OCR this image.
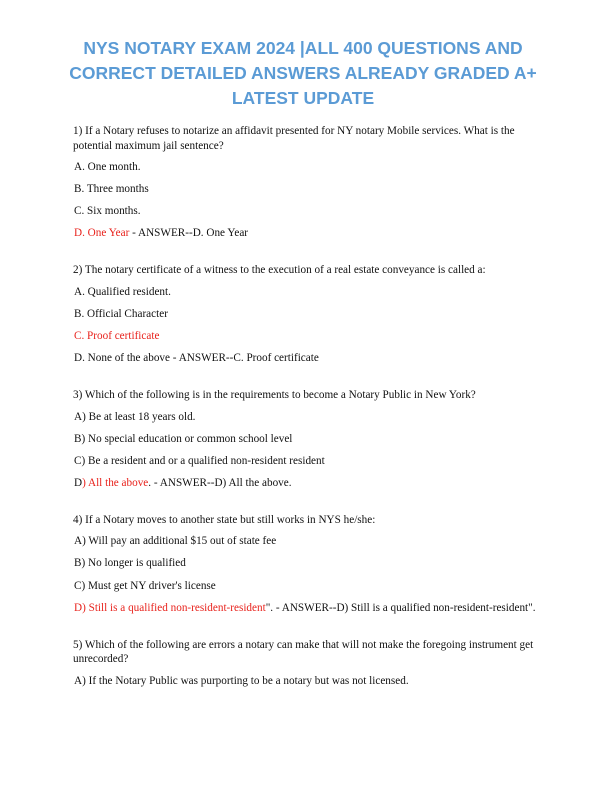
NYS NOTARY EXAM 2024 |ALL 400 QUESTIONS AND CORRECT DETAILED ANSWERS ALREADY GRADED A+ LATEST UPDATE

1) If a Notary refuses to notarize an affidavit presented for NY notary Mobile services. What is the potential maximum jail sentence?

A. One month.

B. Three months

C. Six months.

D. One Year - ANSWER--D. One Year

2) The notary certificate of a witness to the execution of a real estate conveyance is called a:

A. Qualified resident.

B. Official Character

C. Proof certificate

D. None of the above - ANSWER--C. Proof certificate

3) Which of the following is in the requirements to become a Notary Public in New York?

A) Be at least 18 years old.

B) No special education or common school level

C) Be a resident and or a qualified non-resident resident

D) All the above. - ANSWER--D) All the above.

4) If a Notary moves to another state but still works in NYS he/she:

A) Will pay an additional $15 out of state fee

B) No longer is qualified

C) Must get NY driver's license

D) Still is a qualified non-resident-resident". - ANSWER--D) Still is a qualified non-resident-resident".

5) Which of the following are errors a notary can make that will not make the foregoing instrument get unrecorded?

A) If the Notary Public was purporting to be a notary but was not licensed.
